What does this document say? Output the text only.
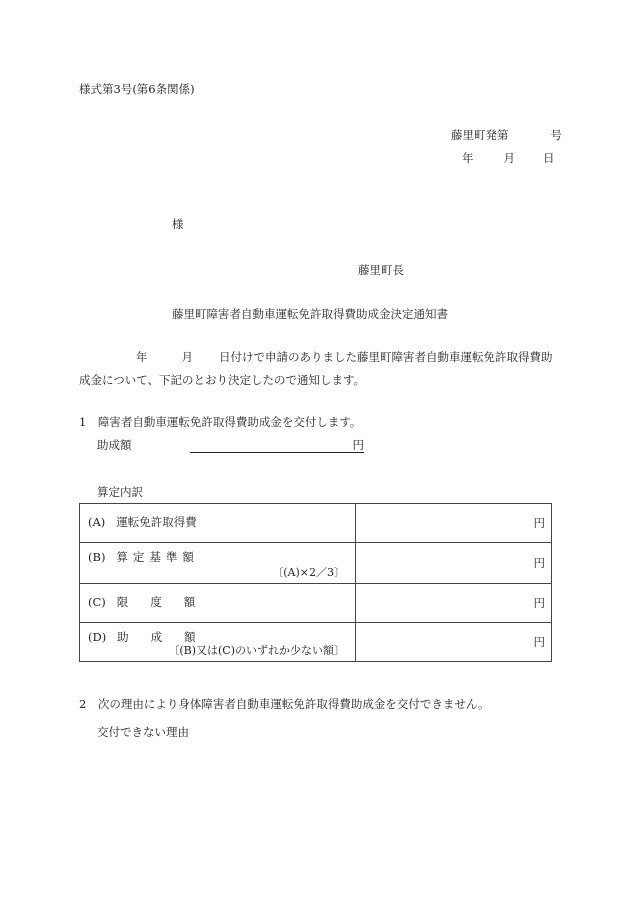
様式第3号(第6条関係)
藤里町発第	号
年	月 日
様
藤里町長
藤里町障害者自動車運転免許取得費助成金決定通知書
年	月 日付けで申請のありました藤里町障害者自動車運転免許取得費助
成金について、下記のとおり決定したので通知します。
1　障害者自動車運転免許取得費助成金を交付します。
助成額	円
算定内訳
(A) 運転免許取得費	円

(B) 算定基準額
〔(A)×2／3〕	円

(C) 限度額	円

(D) 助成額
〔(B)又は(C)のいずれか少ない額〕	円
2　次の理由により身体障害者自動車運転免許取得費助成金を交付できません。
交付できない理由
